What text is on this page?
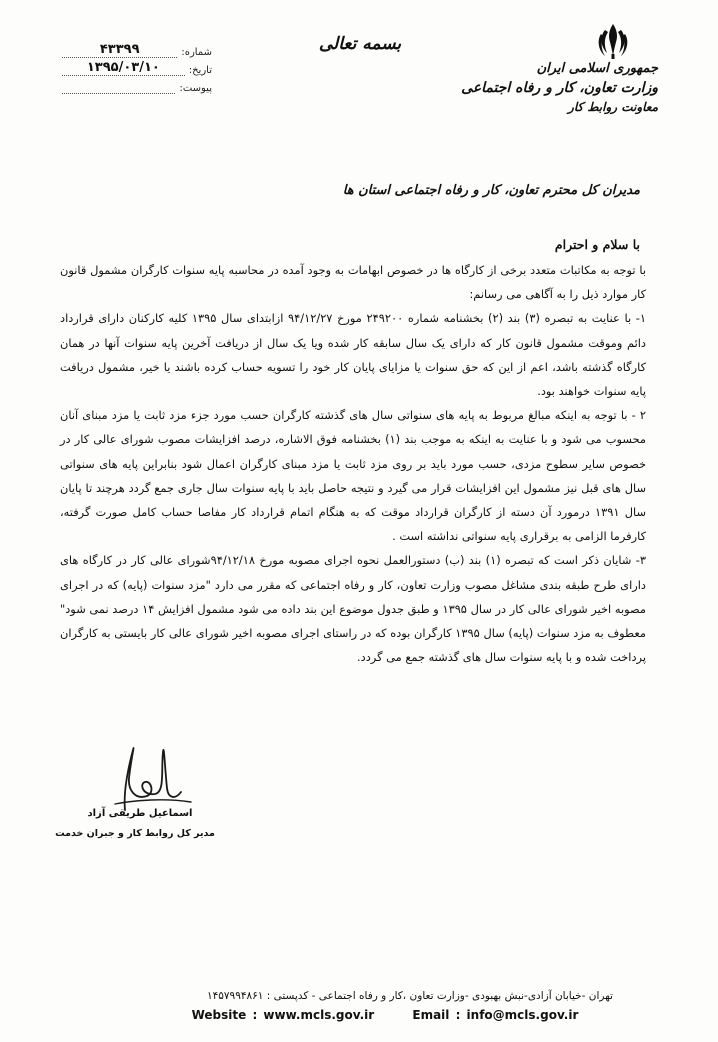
شماره:
۴۳۳۹۹
تاریخ:
۱۳۹۵/۰۳/۱۰
پیوست:
بسمه تعالی
جمهوری اسلامی ایران
وزارت تعاون، کار و رفاه اجتماعی
معاونت روابط کار
مدیران کل محترم تعاون، کار و رفاه اجتماعی استان ها
با سلام و احترام

با توجه به مکاتبات متعدد برخی از کارگاه ها در خصوص ابهامات به وجود آمده در محاسبه پایه سنوات کارگران مشمول قانون کار موارد ذیل را به آگاهی می رسانم:

۱- با عنایت به تبصره (۳) بند (۲) بخشنامه شماره ۲۴۹۲۰۰ مورخ ۹۴/۱۲/۲۷ ازابتدای سال ۱۳۹۵ کلیه کارکنان دارای قرارداد دائم وموقت مشمول قانون کار که دارای یک سال سابقه کار شده ویا یک سال از دریافت آخرین پایه سنوات آنها در همان کارگاه گذشته باشد، اعم از این که حق سنوات یا مزایای پایان کار خود را تسویه حساب کرده باشند یا خیر، مشمول دریافت پایه سنوات خواهند بود.

۲ - با توجه به اینکه مبالغ مربوط به پایه های سنواتی سال های گذشته کارگران حسب مورد جزء مزد ثابت یا مزد مبنای آنان محسوب می شود و با عنایت به اینکه به موجب بند (۱) بخشنامه فوق الاشاره، درصد افزایشات مصوب شورای عالی کار در خصوص سایر سطوح مزدی، حسب مورد باید بر روی مزد ثابت یا مزد مبنای کارگران اعمال شود بنابراین پایه های سنواتی سال های قبل نیز مشمول این افزایشات قرار می گیرد و نتیجه حاصل باید با پایه سنوات سال جاری جمع گردد هرچند تا پایان سال ۱۳۹۱ درمورد آن دسته از کارگران قرارداد موقت که به هنگام اتمام قرارداد کار مفاصا حساب کامل صورت گرفته، کارفرما الزامی به برقراری پایه سنواتی نداشته است .

۳- شایان ذکر است که تبصره (۱) بند (ب) دستورالعمل نحوه اجرای مصوبه مورخ ۹۴/۱۲/۱۸شورای عالی کار در کارگاه های دارای طرح طبقه بندی مشاغل مصوب وزارت تعاون، کار و رفاه اجتماعی که مقرر می دارد "مزد سنوات (پایه) که در اجرای مصوبه اخیر شورای عالی کار در سال ۱۳۹۵ و طبق جدول موضوع این بند داده می شود مشمول افزایش ۱۴ درصد نمی شود" معطوف به مزد سنوات (پایه) سال ۱۳۹۵ کارگران بوده که در راستای اجرای مصوبه اخیر شورای عالی کار بایستی به کارگران پرداخت شده و با پایه سنوات سال های گذشته جمع می گردد.

اسماعیل طریقی آزاد
مدیر کل روابط کار و جبران خدمت
تهران -خیابان آزادی-نبش بهبودی -وزارت تعاون ،کار و رفاه اجتماعی - کدپستی : ۱۴۵۷۹۹۴۸۶۱
Website : www.mcls.gov.ir	Email : info@mcls.gov.ir
